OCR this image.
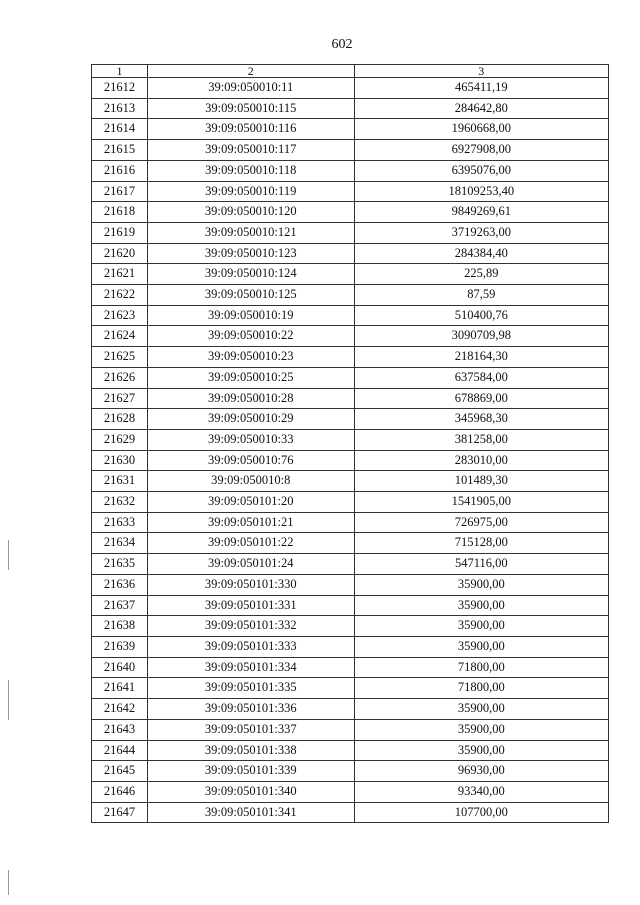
602
1	2	3
21612	39:09:050010:11	465411,19
21613	39:09:050010:115	284642,80
21614	39:09:050010:116	1960668,00
21615	39:09:050010:117	6927908,00
21616	39:09:050010:118	6395076,00
21617	39:09:050010:119	18109253,40
21618	39:09:050010:120	9849269,61
21619	39:09:050010:121	3719263,00
21620	39:09:050010:123	284384,40
21621	39:09:050010:124	225,89
21622	39:09:050010:125	87,59
21623	39:09:050010:19	510400,76
21624	39:09:050010:22	3090709,98
21625	39:09:050010:23	218164,30
21626	39:09:050010:25	637584,00
21627	39:09:050010:28	678869,00
21628	39:09:050010:29	345968,30
21629	39:09:050010:33	381258,00
21630	39:09:050010:76	283010,00
21631	39:09:050010:8	101489,30
21632	39:09:050101:20	1541905,00
21633	39:09:050101:21	726975,00
21634	39:09:050101:22	715128,00
21635	39:09:050101:24	547116,00
21636	39:09:050101:330	35900,00
21637	39:09:050101:331	35900,00
21638	39:09:050101:332	35900,00
21639	39:09:050101:333	35900,00
21640	39:09:050101:334	71800,00
21641	39:09:050101:335	71800,00
21642	39:09:050101:336	35900,00
21643	39:09:050101:337	35900,00
21644	39:09:050101:338	35900,00
21645	39:09:050101:339	96930,00
21646	39:09:050101:340	93340,00
21647	39:09:050101:341	107700,00
